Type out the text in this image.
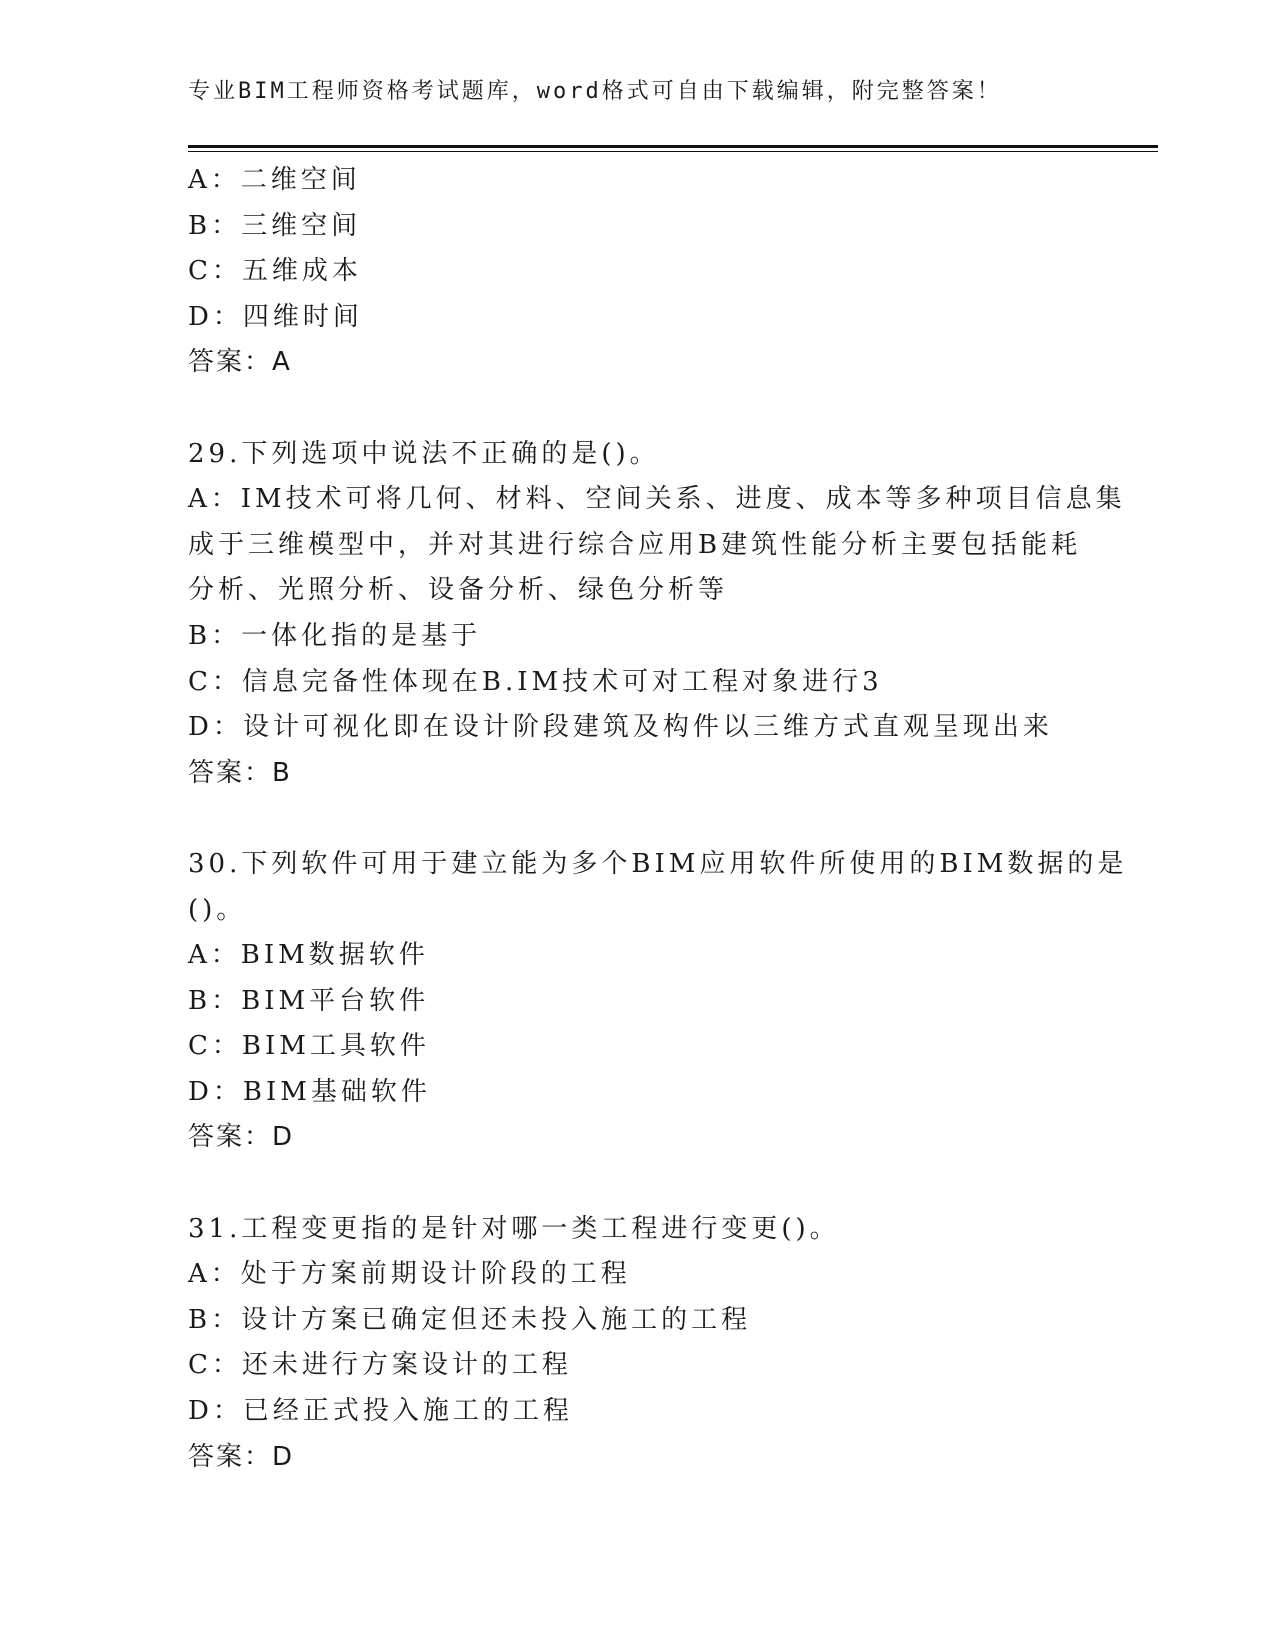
专业BIM工程师资格考试题库，word格式可自由下载编辑，附完整答案！
A：二维空间
B：三维空间
C：五维成本
D：四维时间
答案：A
29.下列选项中说法不正确的是()。
A：IM技术可将几何、材料、空间关系、进度、成本等多种项目信息集
成于三维模型中，并对其进行综合应用B建筑性能分析主要包括能耗
分析、光照分析、设备分析、绿色分析等
B：一体化指的是基于
C：信息完备性体现在B.IM技术可对工程对象进行3
D：设计可视化即在设计阶段建筑及构件以三维方式直观呈现出来
答案：B
30.下列软件可用于建立能为多个BIM应用软件所使用的BIM数据的是
()。
A：BIM数据软件
B：BIM平台软件
C：BIM工具软件
D：BIM基础软件
答案：D
31.工程变更指的是针对哪一类工程进行变更()。
A：处于方案前期设计阶段的工程
B：设计方案已确定但还未投入施工的工程
C：还未进行方案设计的工程
D：已经正式投入施工的工程
答案：D
